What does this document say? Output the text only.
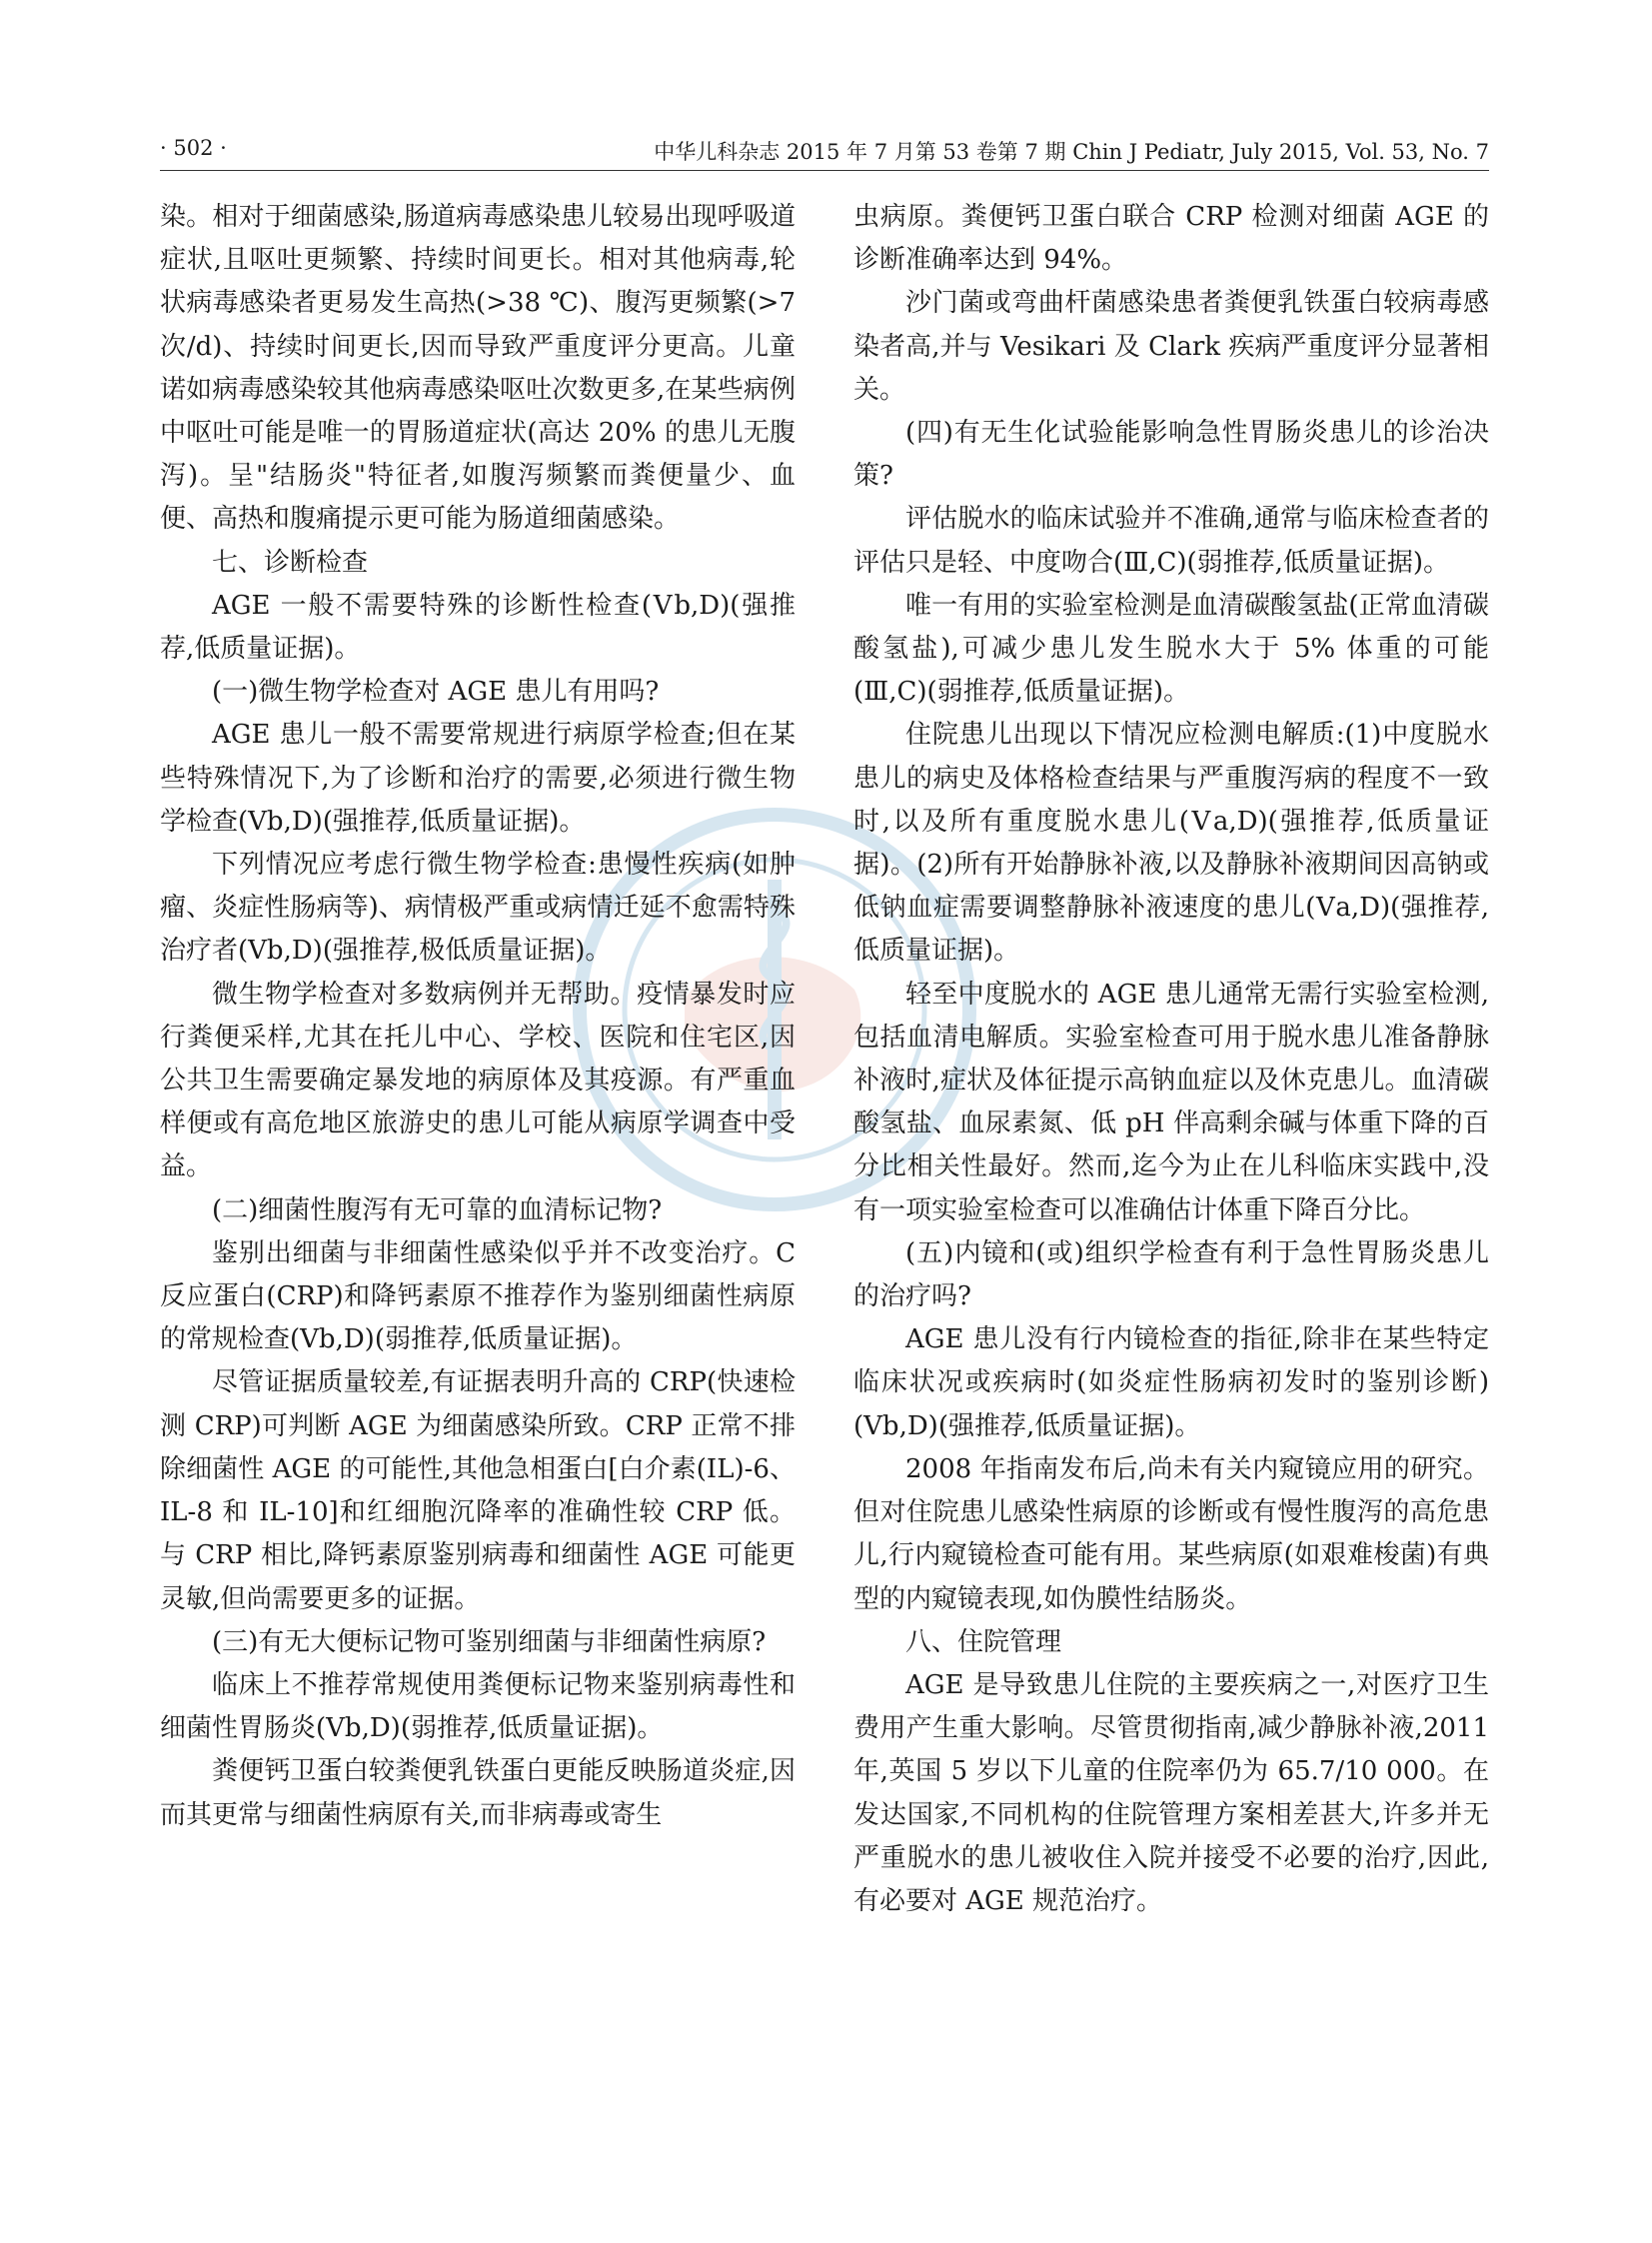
· 502 ·	中华儿科杂志 2015 年 7 月第 53 卷第 7 期 Chin J Pediatr, July 2015, Vol. 53, No. 7

染。相对于细菌感染,肠道病毒感染患儿较易出现呼吸道症状,且呕吐更频繁、持续时间更长。相对其他病毒,轮状病毒感染者更易发生高热(>38 ℃)、腹泻更频繁(>7 次/d)、持续时间更长,因而导致严重度评分更高。儿童诺如病毒感染较其他病毒感染呕吐次数更多,在某些病例中呕吐可能是唯一的胃肠道症状(高达 20% 的患儿无腹泻)。呈"结肠炎"特征者,如腹泻频繁而粪便量少、血便、高热和腹痛提示更可能为肠道细菌感染。

七、诊断检查

AGE 一般不需要特殊的诊断性检查(Ⅴb,D)(强推荐,低质量证据)。

(一)微生物学检查对 AGE 患儿有用吗?

AGE 患儿一般不需要常规进行病原学检查;但在某些特殊情况下,为了诊断和治疗的需要,必须进行微生物学检查(Ⅴb,D)(强推荐,低质量证据)。

下列情况应考虑行微生物学检查:患慢性疾病(如肿瘤、炎症性肠病等)、病情极严重或病情迁延不愈需特殊治疗者(Ⅴb,D)(强推荐,极低质量证据)。

微生物学检查对多数病例并无帮助。疫情暴发时应行粪便采样,尤其在托儿中心、学校、医院和住宅区,因公共卫生需要确定暴发地的病原体及其疫源。有严重血样便或有高危地区旅游史的患儿可能从病原学调查中受益。

(二)细菌性腹泻有无可靠的血清标记物?

鉴别出细菌与非细菌性感染似乎并不改变治疗。C 反应蛋白(CRP)和降钙素原不推荐作为鉴别细菌性病原的常规检查(Ⅴb,D)(弱推荐,低质量证据)。

尽管证据质量较差,有证据表明升高的 CRP(快速检测 CRP)可判断 AGE 为细菌感染所致。CRP 正常不排除细菌性 AGE 的可能性,其他急相蛋白[白介素(IL)-6、IL-8 和 IL-10]和红细胞沉降率的准确性较 CRP 低。与 CRP 相比,降钙素原鉴别病毒和细菌性 AGE 可能更灵敏,但尚需要更多的证据。

(三)有无大便标记物可鉴别细菌与非细菌性病原?

临床上不推荐常规使用粪便标记物来鉴别病毒性和细菌性胃肠炎(Ⅴb,D)(弱推荐,低质量证据)。

粪便钙卫蛋白较粪便乳铁蛋白更能反映肠道炎症,因而其更常与细菌性病原有关,而非病毒或寄生

虫病原。粪便钙卫蛋白联合 CRP 检测对细菌 AGE 的诊断准确率达到 94%。

沙门菌或弯曲杆菌感染患者粪便乳铁蛋白较病毒感染者高,并与 Vesikari 及 Clark 疾病严重度评分显著相关。

(四)有无生化试验能影响急性胃肠炎患儿的诊治决策?

评估脱水的临床试验并不准确,通常与临床检查者的评估只是轻、中度吻合(Ⅲ,C)(弱推荐,低质量证据)。

唯一有用的实验室检测是血清碳酸氢盐(正常血清碳酸氢盐),可减少患儿发生脱水大于 5% 体重的可能(Ⅲ,C)(弱推荐,低质量证据)。

住院患儿出现以下情况应检测电解质:(1)中度脱水患儿的病史及体格检查结果与严重腹泻病的程度不一致时,以及所有重度脱水患儿(Ⅴa,D)(强推荐,低质量证据)。(2)所有开始静脉补液,以及静脉补液期间因高钠或低钠血症需要调整静脉补液速度的患儿(Ⅴa,D)(强推荐,低质量证据)。

轻至中度脱水的 AGE 患儿通常无需行实验室检测,包括血清电解质。实验室检查可用于脱水患儿准备静脉补液时,症状及体征提示高钠血症以及休克患儿。血清碳酸氢盐、血尿素氮、低 pH 伴高剩余碱与体重下降的百分比相关性最好。然而,迄今为止在儿科临床实践中,没有一项实验室检查可以准确估计体重下降百分比。

(五)内镜和(或)组织学检查有利于急性胃肠炎患儿的治疗吗?

AGE 患儿没有行内镜检查的指征,除非在某些特定临床状况或疾病时(如炎症性肠病初发时的鉴别诊断)(Ⅴb,D)(强推荐,低质量证据)。

2008 年指南发布后,尚未有关内窥镜应用的研究。但对住院患儿感染性病原的诊断或有慢性腹泻的高危患儿,行内窥镜检查可能有用。某些病原(如艰难梭菌)有典型的内窥镜表现,如伪膜性结肠炎。

八、住院管理

AGE 是导致患儿住院的主要疾病之一,对医疗卫生费用产生重大影响。尽管贯彻指南,减少静脉补液,2011 年,英国 5 岁以下儿童的住院率仍为 65.7/10 000。在发达国家,不同机构的住院管理方案相差甚大,许多并无严重脱水的患儿被收住入院并接受不必要的治疗,因此,有必要对 AGE 规范治疗。
